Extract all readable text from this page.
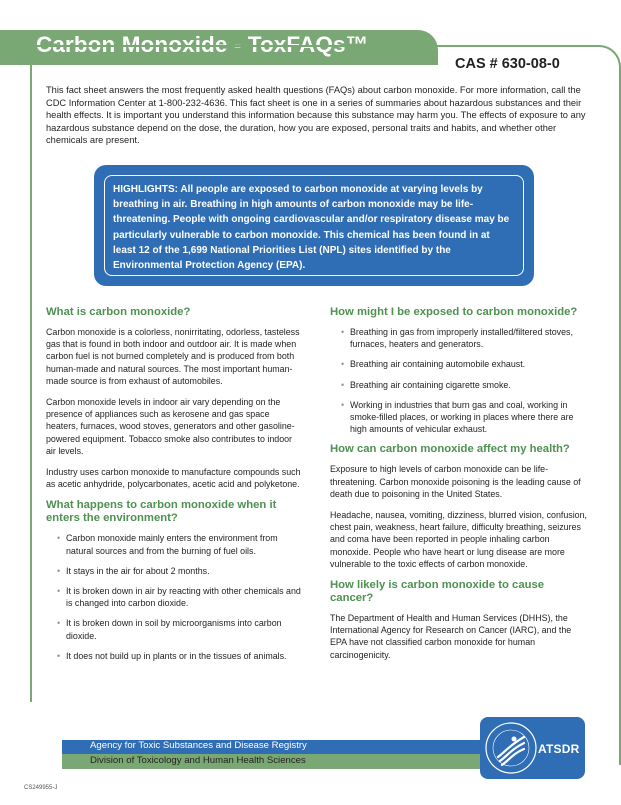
Carbon Monoxide - ToxFAQs™
CAS # 630-08-0

This fact sheet answers the most frequently asked health questions (FAQs) about carbon monoxide. For more information, call the CDC Information Center at 1-800-232-4636. This fact sheet is one in a series of summaries about hazardous substances and their health effects. It is important you understand this information because this substance may harm you. The effects of exposure to any hazardous substance depend on the dose, the duration, how you are exposed, personal traits and habits, and whether other chemicals are present.

HIGHLIGHTS: All people are exposed to carbon monoxide at varying levels by breathing in air. Breathing in high amounts of carbon monoxide may be life-threatening. People with ongoing cardiovascular and/or respiratory disease may be particularly vulnerable to carbon monoxide. This chemical has been found in at least 12 of the 1,699 National Priorities List (NPL) sites identified by the Environmental Protection Agency (EPA).
What is carbon monoxide?

Carbon monoxide is a colorless, nonirritating, odorless, tasteless gas that is found in both indoor and outdoor air. It is made when carbon fuel is not burned completely and is produced from both human-made and natural sources. The most important human-made source is from exhaust of automobiles.

Carbon monoxide levels in indoor air vary depending on the presence of appliances such as kerosene and gas space heaters, furnaces, wood stoves, generators and other gasoline-powered equipment. Tobacco smoke also contributes to indoor air levels.

Industry uses carbon monoxide to manufacture compounds such as acetic anhydride, polycarbonates, acetic acid and polyketone.

What happens to carbon monoxide when it enters the environment?
• Carbon monoxide mainly enters the environment from natural sources and from the burning of fuel oils.
• It stays in the air for about 2 months.
• It is broken down in air by reacting with other chemicals and is changed into carbon dioxide.
• It is broken down in soil by microorganisms into carbon dioxide.
• It does not build up in plants or in the tissues of animals.
How might I be exposed to carbon monoxide?
• Breathing in gas from improperly installed/filtered stoves, furnaces, heaters and generators.
• Breathing air containing automobile exhaust.
• Breathing air containing cigarette smoke.
• Working in industries that burn gas and coal, working in smoke-filled places, or working in places where there are high amounts of vehicular exhaust.
How can carbon monoxide affect my health?

Exposure to high levels of carbon monoxide can be life-threatening. Carbon monoxide poisoning is the leading cause of death due to poisoning in the United States.

Headache, nausea, vomiting, dizziness, blurred vision, confusion, chest pain, weakness, heart failure, difficulty breathing, seizures and coma have been reported in people inhaling carbon monoxide. People who have heart or lung disease are more vulnerable to the toxic effects of carbon monoxide.

How likely is carbon monoxide to cause cancer?

The Department of Health and Human Services (DHHS), the International Agency for Research on Cancer (IARC), and the EPA have not classified carbon monoxide for human carcinogenicity.

Agency for Toxic Substances and Disease Registry
Division of Toxicology and Human Health Sciences
CS249955-J
ATSDR
